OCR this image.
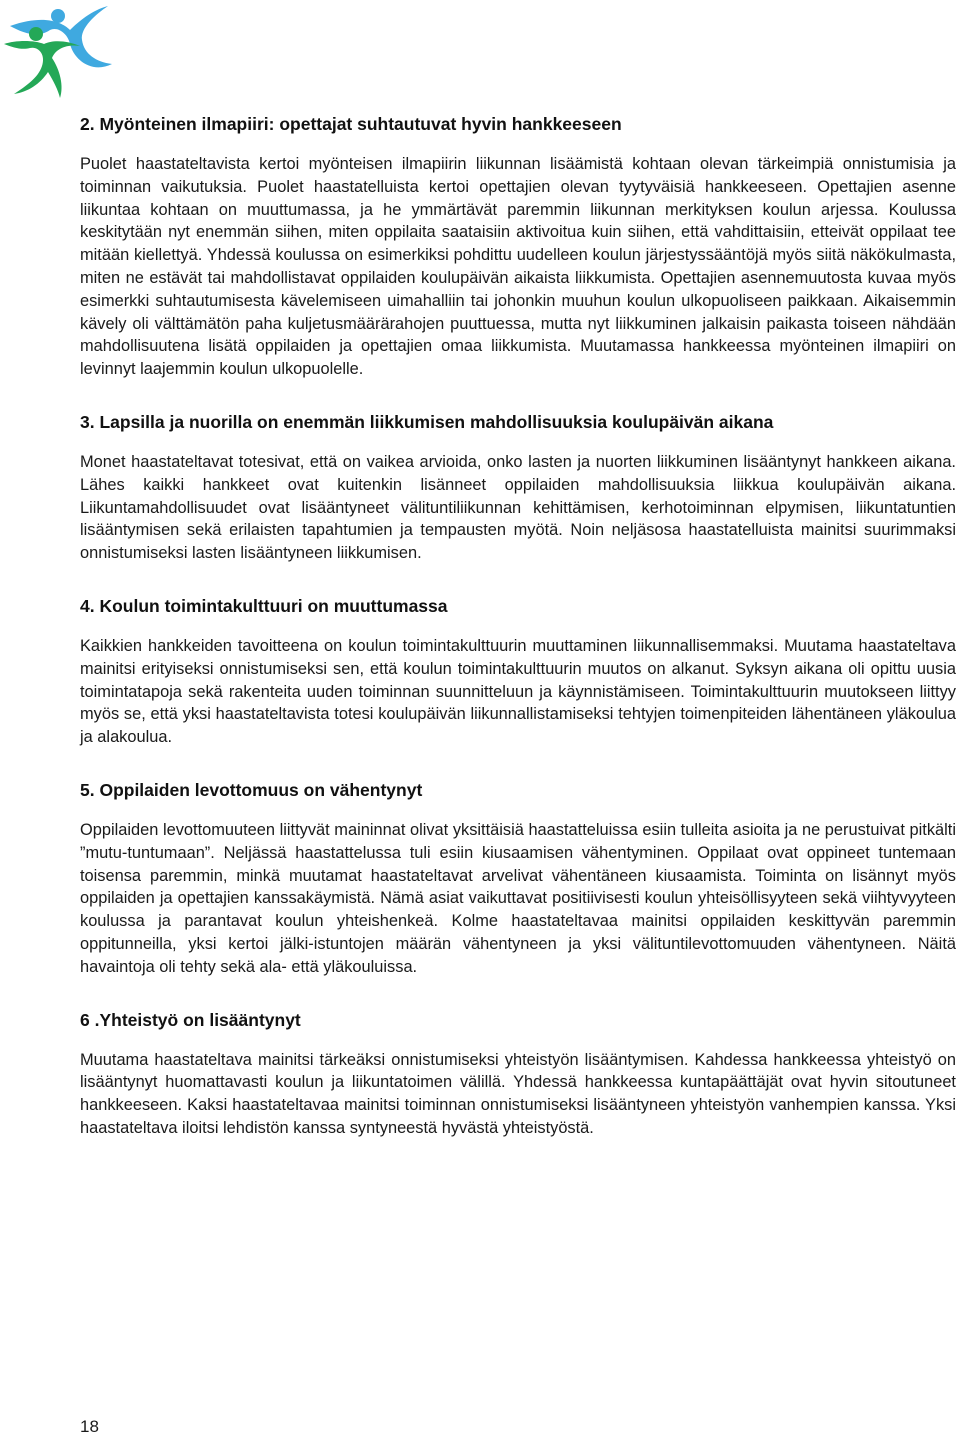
2. Myönteinen ilmapiiri: opettajat suhtautuvat hyvin hankkeeseen

Puolet haastateltavista kertoi myönteisen ilmapiirin liikunnan lisäämistä kohtaan olevan tärkeimpiä onnistumisia ja toiminnan vaikutuksia. Puolet haastatelluista kertoi opettajien olevan tyytyväisiä hankkeeseen. Opettajien asenne liikuntaa kohtaan on muuttumassa, ja he ymmärtävät paremmin liikunnan merkityksen koulun arjessa. Koulussa keskitytään nyt enemmän siihen, miten oppilaita saataisiin aktivoitua kuin siihen, että vahdittaisiin, etteivät oppilaat tee mitään kiellettyä. Yhdessä koulussa on esimerkiksi pohdittu uudelleen koulun järjestyssääntöjä myös siitä näkökulmasta, miten ne estävät tai mahdollistavat oppilaiden koulupäivän aikaista liikkumista. Opettajien asennemuutosta kuvaa myös esimerkki suhtautumisesta kävelemiseen uimahalliin tai johonkin muuhun koulun ulkopuoliseen paikkaan. Aikaisemmin kävely oli välttämätön paha kuljetusmäärärahojen puuttuessa, mutta nyt liikkuminen jalkaisin paikasta toiseen nähdään mahdollisuutena lisätä oppilaiden ja opettajien omaa liikkumista. Muutamassa hankkeessa myönteinen ilmapiiri on levinnyt laajemmin koulun ulkopuolelle.

3. Lapsilla ja nuorilla on enemmän liikkumisen mahdollisuuksia koulupäivän aikana

Monet haastateltavat totesivat, että on vaikea arvioida, onko lasten ja nuorten liikkuminen lisääntynyt hankkeen aikana. Lähes kaikki hankkeet ovat kuitenkin lisänneet oppilaiden mahdollisuuksia liikkua koulupäivän aikana. Liikuntamahdollisuudet ovat lisääntyneet välituntiliikunnan kehittämisen, kerhotoiminnan elpymisen, liikuntatuntien lisääntymisen sekä erilaisten tapahtumien ja tempausten myötä. Noin neljäsosa haastatelluista mainitsi suurimmaksi onnistumiseksi lasten lisääntyneen liikkumisen.

4. Koulun toimintakulttuuri on muuttumassa

Kaikkien hankkeiden tavoitteena on koulun toimintakulttuurin muuttaminen liikunnallisemmaksi. Muutama haastateltava mainitsi erityiseksi onnistumiseksi sen, että koulun toimintakulttuurin muutos on alkanut. Syksyn aikana oli opittu uusia toimintatapoja sekä rakenteita uuden toiminnan suunnitteluun ja käynnistämiseen. Toimintakulttuurin muutokseen liittyy myös se, että yksi haastateltavista totesi koulupäivän liikunnallistamiseksi tehtyjen toimenpiteiden lähentäneen yläkoulua ja alakoulua.

5. Oppilaiden levottomuus on vähentynyt

Oppilaiden levottomuuteen liittyvät maininnat olivat yksittäisiä haastatteluissa esiin tulleita asioita ja ne perustuivat pitkälti ”mutu-tuntumaan”. Neljässä haastattelussa tuli esiin kiusaamisen vähentyminen. Oppilaat ovat oppineet tuntemaan toisensa paremmin, minkä muutamat haastateltavat arvelivat vähentäneen kiusaamista. Toiminta on lisännyt myös oppilaiden ja opettajien kanssakäymistä. Nämä asiat vaikuttavat positiivisesti koulun yhteisöllisyyteen sekä viihtyvyyteen koulussa ja parantavat koulun yhteishenkeä. Kolme haastateltavaa mainitsi oppilaiden keskittyvän paremmin oppitunneilla, yksi kertoi jälki-istuntojen määrän vähentyneen ja yksi välituntilevottomuuden vähentyneen. Näitä havaintoja oli tehty sekä ala- että yläkouluissa.

6 .Yhteistyö on lisääntynyt

Muutama haastateltava mainitsi tärkeäksi onnistumiseksi yhteistyön lisääntymisen. Kahdessa hankkeessa yhteistyö on lisääntynyt huomattavasti koulun ja liikuntatoimen välillä. Yhdessä hankkeessa kuntapäättäjät ovat hyvin sitoutuneet hankkeeseen. Kaksi haastateltavaa mainitsi toiminnan onnistumiseksi lisääntyneen yhteistyön vanhempien kanssa. Yksi haastateltava iloitsi lehdistön kanssa syntyneestä hyvästä yhteistyöstä.

18
